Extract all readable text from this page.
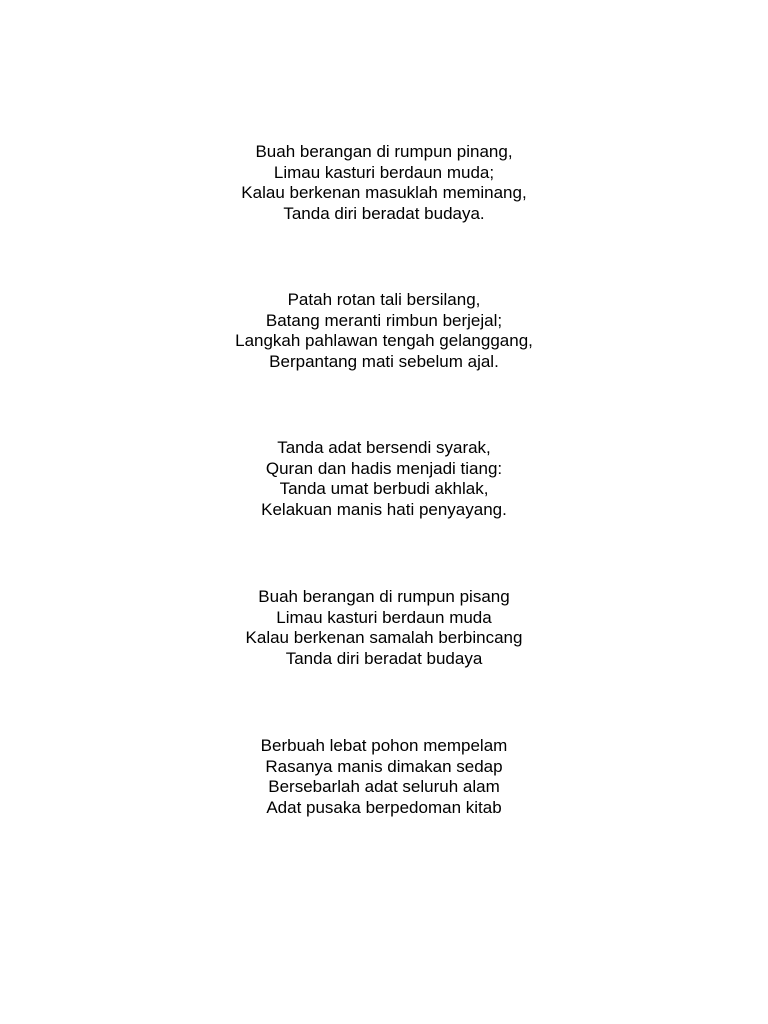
Buah berangan di rumpun pinang,
Limau kasturi berdaun muda;
Kalau berkenan masuklah meminang,
Tanda diri beradat budaya.
Patah rotan tali bersilang,
Batang meranti rimbun berjejal;
Langkah pahlawan tengah gelanggang,
Berpantang mati sebelum ajal.
Tanda adat bersendi syarak,
Quran dan hadis menjadi tiang:
Tanda umat berbudi akhlak,
Kelakuan manis hati penyayang.
Buah berangan di rumpun pisang
Limau kasturi berdaun muda
Kalau berkenan samalah berbincang
Tanda diri beradat budaya
Berbuah lebat pohon mempelam
Rasanya manis dimakan sedap
Bersebarlah adat seluruh alam
Adat pusaka berpedoman kitab
